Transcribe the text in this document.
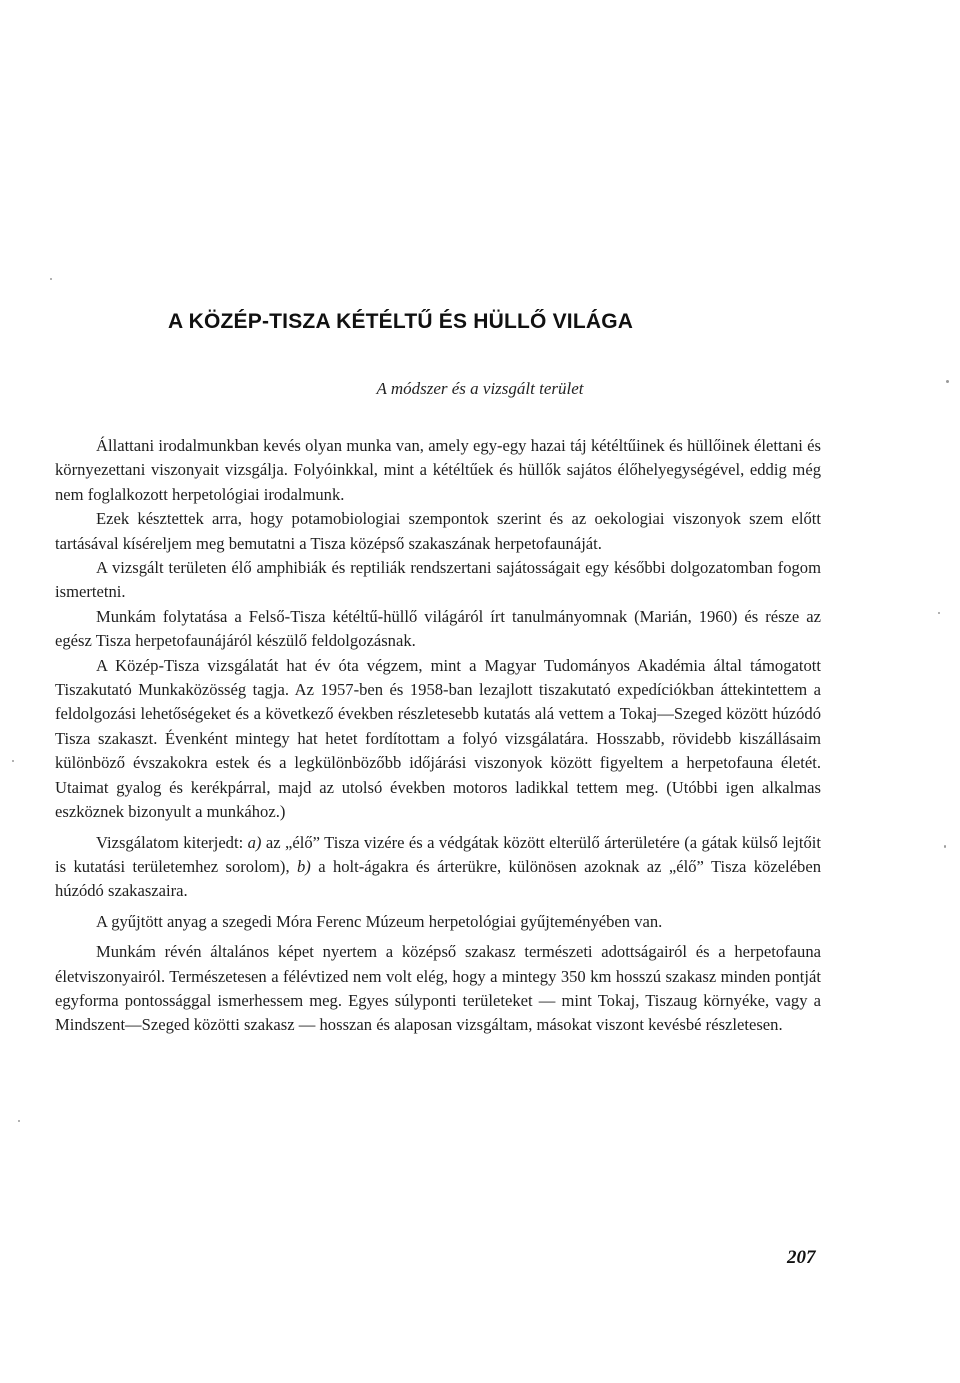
A KÖZÉP-TISZA KÉTÉLTŰ ÉS HÜLLŐ VILÁGA
A módszer és a vizsgált terület

Állattani irodalmunkban kevés olyan munka van, amely egy-egy hazai táj kétéltűinek és hüllőinek élettani és környezettani viszonyait vizsgálja. Folyóinkkal, mint a kétéltűek és hüllők sajátos élőhelyegységével, eddig még nem foglalkozott herpetológiai irodalmunk.

Ezek késztettek arra, hogy potamobiologiai szempontok szerint és az oekologiai viszonyok szem előtt tartásával kíséreljem meg bemutatni a Tisza középső szakaszának herpetofaunáját.

A vizsgált területen élő amphibiák és reptiliák rendszertani sajátosságait egy későbbi dolgozatomban fogom ismertetni.

Munkám folytatása a Felső-Tisza kétéltű-hüllő világáról írt tanulmányomnak (Marián, 1960) és része az egész Tisza herpetofaunájáról készülő feldolgozásnak.

A Közép-Tisza vizsgálatát hat év óta végzem, mint a Magyar Tudományos Akadémia által támogatott Tiszakutató Munkaközösség tagja. Az 1957-ben és 1958-ban lezajlott tiszakutató expedíciókban áttekintettem a feldolgozási lehetőségeket és a következő években részletesebb kutatás alá vettem a Tokaj—Szeged között húzódó Tisza szakaszt. Évenként mintegy hat hetet fordítottam a folyó vizsgálatára. Hosszabb, rövidebb kiszállásaim különböző évszakokra estek és a legkülönbözőbb időjárási viszonyok között figyeltem a herpetofauna életét. Utaimat gyalog és kerékpárral, majd az utolsó években motoros ladikkal tettem meg. (Utóbbi igen alkalmas eszköznek bizonyult a munkához.)

Vizsgálatom kiterjedt: a) az „élő” Tisza vizére és a védgátak között elterülő árterületére (a gátak külső lejtőit is kutatási területemhez sorolom), b) a holt-ágakra és árterükre, különösen azoknak az „élő” Tisza közelében húzódó szakaszaira.

A gyűjtött anyag a szegedi Móra Ferenc Múzeum herpetológiai gyűjteményében van.

Munkám révén általános képet nyertem a középső szakasz természeti adottságairól és a herpetofauna életviszonyairól. Természetesen a félévtized nem volt elég, hogy a mintegy 350 km hosszú szakasz minden pontját egyforma pontossággal ismerhessem meg. Egyes súlyponti területeket — mint Tokaj, Tiszaug környéke, vagy a Mindszent—Szeged közötti szakasz — hosszan és alaposan vizsgáltam, másokat viszont kevésbé részletesen.

207
